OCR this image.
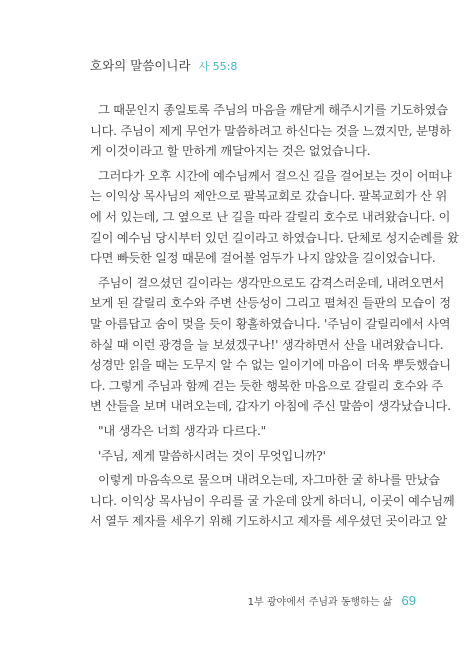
호와의 말씀이니라 사 55:8
그 때문인지 종일토록 주님의 마음을 깨닫게 해주시기를 기도하였습
니다. 주님이 제게 무언가 말씀하려고 하신다는 것을 느꼈지만, 분명하
게 이것이라고 할 만하게 깨달아지는 것은 없었습니다.
그러다가 오후 시간에 예수님께서 걸으신 길을 걸어보는 것이 어떠냐
는 이익상 목사님의 제안으로 팔복교회로 갔습니다. 팔복교회가 산 위
에 서 있는데, 그 옆으로 난 길을 따라 갈릴리 호수로 내려왔습니다. 이
길이 예수님 당시부터 있던 길이라고 하였습니다. 단체로 성지순례를 왔
다면 빠듯한 일정 때문에 걸어볼 엄두가 나지 않았을 길이었습니다.
주님이 걸으셨던 길이라는 생각만으로도 감격스러운데, 내려오면서
보게 된 갈릴리 호수와 주변 산등성이 그리고 펼쳐진 들판의 모습이 정
말 아름답고 숨이 멎을 듯이 황홀하였습니다. '주님이 갈릴리에서 사역
하실 때 이런 광경을 늘 보셨겠구나!' 생각하면서 산을 내려왔습니다.
성경만 읽을 때는 도무지 알 수 없는 일이기에 마음이 더욱 뿌듯했습니
다. 그렇게 주님과 함께 걷는 듯한 행복한 마음으로 갈릴리 호수와 주
변 산들을 보며 내려오는데, 갑자기 아침에 주신 말씀이 생각났습니다.
"내 생각은 너희 생각과 다르다."
'주님, 제게 말씀하시려는 것이 무엇입니까?'
이렇게 마음속으로 물으며 내려오는데, 자그마한 굴 하나를 만났습
니다. 이익상 목사님이 우리를 굴 가운데 앉게 하더니, 이곳이 예수님께
서 열두 제자를 세우기 위해 기도하시고 제자를 세우셨던 곳이라고 알
1부 광야에서 주님과 동행하는 삶 69
